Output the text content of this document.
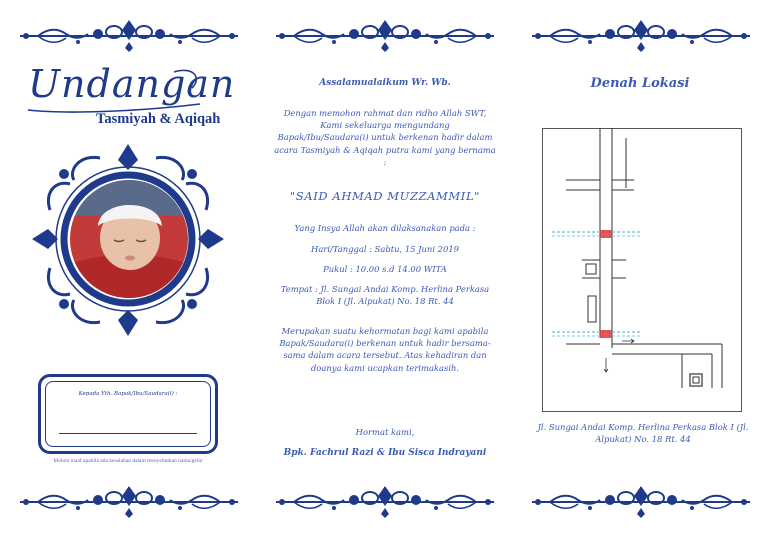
Undangan
Tasmiyah & Aqiqah
Kepada Yth. Bapak/Ibu/Saudara(i) :
Mohon maaf apabila ada kesalahan dalam menyebutkan nama/gelar
Assalamualaikum Wr. Wb.
Dengan memohon rahmat dan ridho Allah SWT, Kami sekeluarga mengundang Bapak/Ibu/Saudara(i) untuk berkenan hadir dalam acara Tasmiyah & Aqiqah putra kami yang bernama :
"SAID AHMAD MUZZAMMIL"
Yang Insya Allah akan dilaksanakan pada :
Hari/Tanggal : Sabtu, 15 Juni 2019
Pukul : 10.00 s.d 14.00 WITA
Tempat : Jl. Sungai Andai Komp. Herlina Perkasa Blok I (Jl. Alpukat) No. 18 Rt. 44
Merupakan suatu kehormatan bagi kami apabila Bapak/Saudara(i) berkenan untuk hadir bersama-sama dalam acara tersebut. Atas kehadiran dan doanya kami ucapkan terimakasih.
Hormat kami,
Bpk. Fachrul Razi & Ibu Sisca Indrayani
Denah Lokasi
Jl. Sungai Andai Komp. Herlina Perkasa Blok I (Jl. Alpukat) No. 18 Rt. 44
